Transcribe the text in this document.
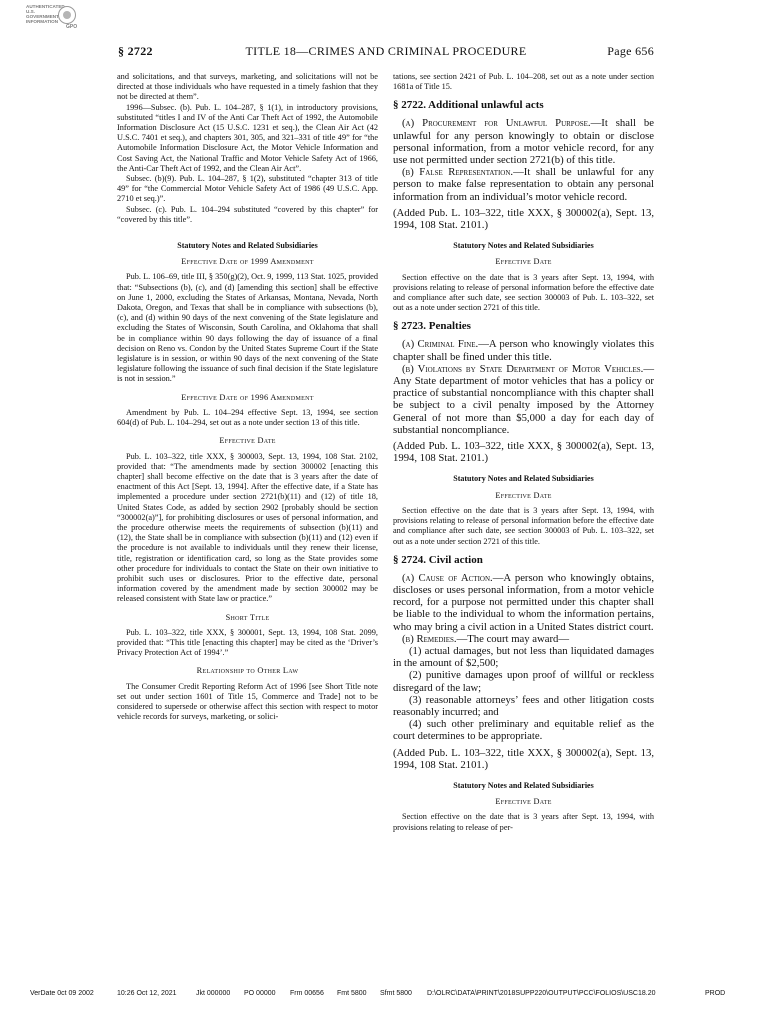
AUTHENTICATED
U.S. GOVERNMENT
INFORMATION
GPO
§ 2722	TITLE 18—CRIMES AND CRIMINAL PROCEDURE	Page 656

and solicitations, and that surveys, marketing, and solicitations will not be directed at those individuals who have requested in a timely fashion that they not be directed at them”.

1996—Subsec. (b). Pub. L. 104–287, § 1(1), in introductory provisions, substituted “titles I and IV of the Anti Car Theft Act of 1992, the Automobile Information Disclosure Act (15 U.S.C. 1231 et seq.), the Clean Air Act (42 U.S.C. 7401 et seq.), and chapters 301, 305, and 321–331 of title 49” for “the Automobile Information Disclosure Act, the Motor Vehicle Information and Cost Saving Act, the National Traffic and Motor Vehicle Safety Act of 1966, the Anti-Car Theft Act of 1992, and the Clean Air Act”.

Subsec. (b)(9). Pub. L. 104–287, § 1(2), substituted “chapter 313 of title 49” for “the Commercial Motor Vehicle Safety Act of 1986 (49 U.S.C. App. 2710 et seq.)”.

Subsec. (c). Pub. L. 104–294 substituted “covered by this chapter” for “covered by this title”.

Statutory Notes and Related Subsidiaries
Effective Date of 1999 Amendment

Pub. L. 106–69, title III, § 350(g)(2), Oct. 9, 1999, 113 Stat. 1025, provided that: “Subsections (b), (c), and (d) [amending this section] shall be effective on June 1, 2000, excluding the States of Arkansas, Montana, Nevada, North Dakota, Oregon, and Texas that shall be in compliance with subsections (b), (c), and (d) within 90 days of the next convening of the State legislature and excluding the States of Wisconsin, South Carolina, and Oklahoma that shall be in compliance within 90 days following the day of issuance of a final decision on Reno vs. Condon by the United States Supreme Court if the State legislature is in session, or within 90 days of the next convening of the State legislature following the issuance of such final decision if the State legislature is not in session.”

Effective Date of 1996 Amendment

Amendment by Pub. L. 104–294 effective Sept. 13, 1994, see section 604(d) of Pub. L. 104–294, set out as a note under section 13 of this title.

Effective Date

Pub. L. 103–322, title XXX, § 300003, Sept. 13, 1994, 108 Stat. 2102, provided that: “The amendments made by section 300002 [enacting this chapter] shall become effective on the date that is 3 years after the date of enactment of this Act [Sept. 13, 1994]. After the effective date, if a State has implemented a procedure under section 2721(b)(11) and (12) of title 18, United States Code, as added by section 2902 [probably should be section “300002(a)”], for prohibiting disclosures or uses of personal information, and the procedure otherwise meets the requirements of subsection (b)(11) and (12), the State shall be in compliance with subsection (b)(11) and (12) even if the procedure is not available to individuals until they renew their license, title, registration or identification card, so long as the State provides some other procedure for individuals to contact the State on their own initiative to prohibit such uses or disclosures. Prior to the effective date, personal information covered by the amendment made by section 300002 may be released consistent with State law or practice.”

Short Title

Pub. L. 103–322, title XXX, § 300001, Sept. 13, 1994, 108 Stat. 2099, provided that: “This title [enacting this chapter] may be cited as the ‘Driver’s Privacy Protection Act of 1994’.”

Relationship to Other Law

The Consumer Credit Reporting Reform Act of 1996 [see Short Title note set out under section 1601 of Title 15, Commerce and Trade] not to be considered to supersede or otherwise affect this section with respect to motor vehicle records for surveys, marketing, or solici-

tations, see section 2421 of Pub. L. 104–208, set out as a note under section 1681a of Title 15.

§ 2722. Additional unlawful acts

(a) Procurement for Unlawful Purpose.—It shall be unlawful for any person knowingly to obtain or disclose personal information, from a motor vehicle record, for any use not permitted under section 2721(b) of this title.

(b) False Representation.—It shall be unlawful for any person to make false representation to obtain any personal information from an individual’s motor vehicle record.

(Added Pub. L. 103–322, title XXX, § 300002(a), Sept. 13, 1994, 108 Stat. 2101.)

Statutory Notes and Related Subsidiaries
Effective Date

Section effective on the date that is 3 years after Sept. 13, 1994, with provisions relating to release of personal information before the effective date and compliance after such date, see section 300003 of Pub. L. 103–322, set out as a note under section 2721 of this title.

§ 2723. Penalties

(a) Criminal Fine.—A person who knowingly violates this chapter shall be fined under this title.

(b) Violations by State Department of Motor Vehicles.—Any State department of motor vehicles that has a policy or practice of substantial noncompliance with this chapter shall be subject to a civil penalty imposed by the Attorney General of not more than $5,000 a day for each day of substantial noncompliance.

(Added Pub. L. 103–322, title XXX, § 300002(a), Sept. 13, 1994, 108 Stat. 2101.)

Statutory Notes and Related Subsidiaries
Effective Date

Section effective on the date that is 3 years after Sept. 13, 1994, with provisions relating to release of personal information before the effective date and compliance after such date, see section 300003 of Pub. L. 103–322, set out as a note under section 2721 of this title.

§ 2724. Civil action

(a) Cause of Action.—A person who knowingly obtains, discloses or uses personal information, from a motor vehicle record, for a purpose not permitted under this chapter shall be liable to the individual to whom the information pertains, who may bring a civil action in a United States district court.

(b) Remedies.—The court may award—

(1) actual damages, but not less than liquidated damages in the amount of $2,500;

(2) punitive damages upon proof of willful or reckless disregard of the law;

(3) reasonable attorneys’ fees and other litigation costs reasonably incurred; and

(4) such other preliminary and equitable relief as the court determines to be appropriate.

(Added Pub. L. 103–322, title XXX, § 300002(a), Sept. 13, 1994, 108 Stat. 2101.)

Statutory Notes and Related Subsidiaries
Effective Date

Section effective on the date that is 3 years after Sept. 13, 1994, with provisions relating to release of per-

VerDate 0ct 09 2002	10:26 Oct 12, 2021	Jkt 000000 PO 00000 Frm 00656 Fmt 5800 Sfmt 5800 D:\OLRC\DATA\PRINT\2018SUPP220\OUTPUT\PCC\FOLIOS\USC18.20	PROD
